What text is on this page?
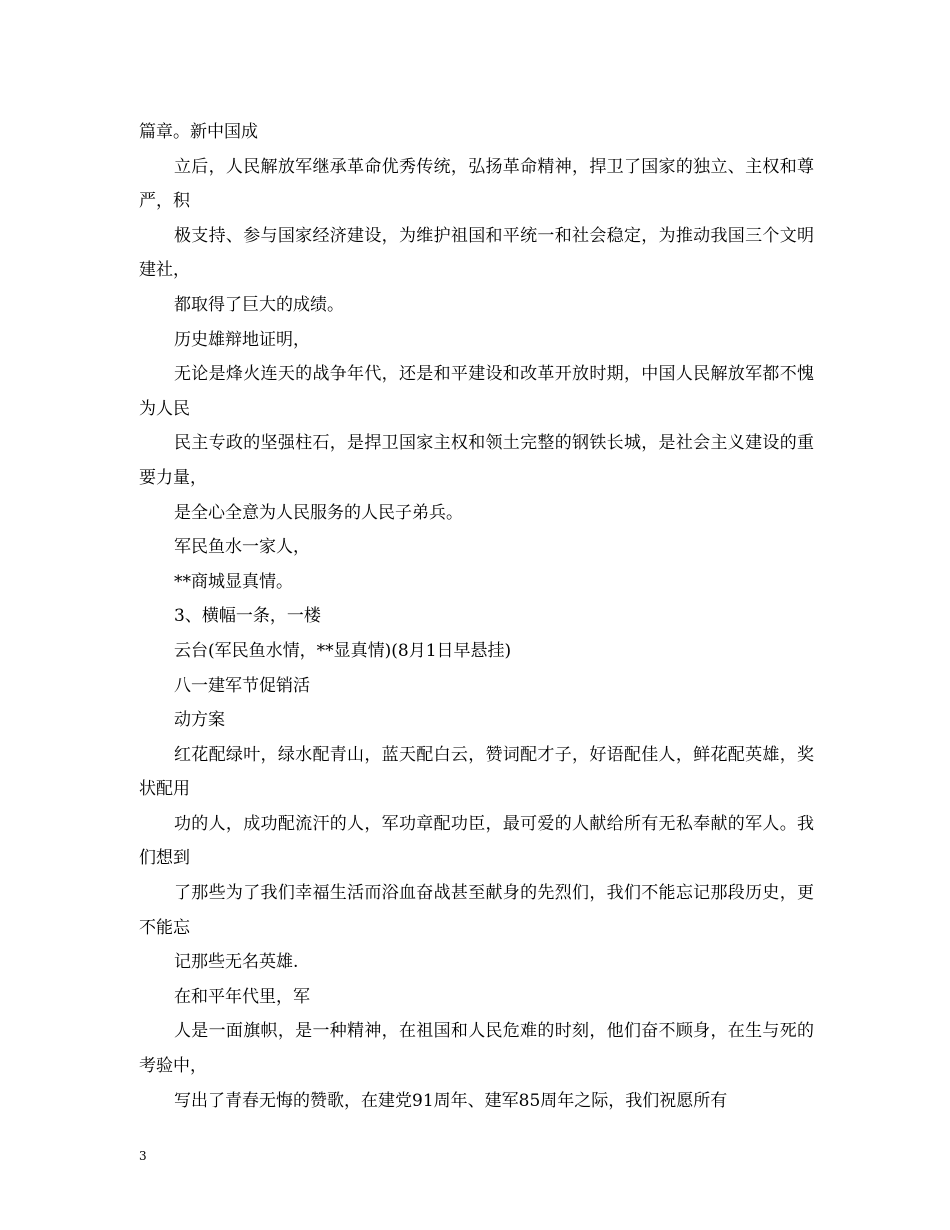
篇章。新中国成

立后，人民解放军继承革命优秀传统，弘扬革命精神，捍卫了国家的独立、主权和尊严，积

极支持、参与国家经济建设，为维护祖国和平统一和社会稳定，为推动我国三个文明建社，

都取得了巨大的成绩。

历史雄辩地证明，

无论是烽火连天的战争年代，还是和平建设和改革开放时期，中国人民解放军都不愧为人民

民主专政的坚强柱石，是捍卫国家主权和领土完整的钢铁长城，是社会主义建设的重要力量，

是全心全意为人民服务的人民子弟兵。

军民鱼水一家人，

**商城显真情。

3、横幅一条，一楼

云台(军民鱼水情，**显真情)(8月1日早悬挂)

八一建军节促销活

动方案

红花配绿叶，绿水配青山，蓝天配白云，赞词配才子，好语配佳人，鲜花配英雄，奖状配用

功的人，成功配流汗的人，军功章配功臣，最可爱的人献给所有无私奉献的军人。我们想到

了那些为了我们幸福生活而浴血奋战甚至献身的先烈们，我们不能忘记那段历史，更不能忘

记那些无名英雄.

在和平年代里，军

人是一面旗帜，是一种精神，在祖国和人民危难的时刻，他们奋不顾身，在生与死的考验中，

写出了青春无悔的赞歌，在建党91周年、建军85周年之际，我们祝愿所有

3
